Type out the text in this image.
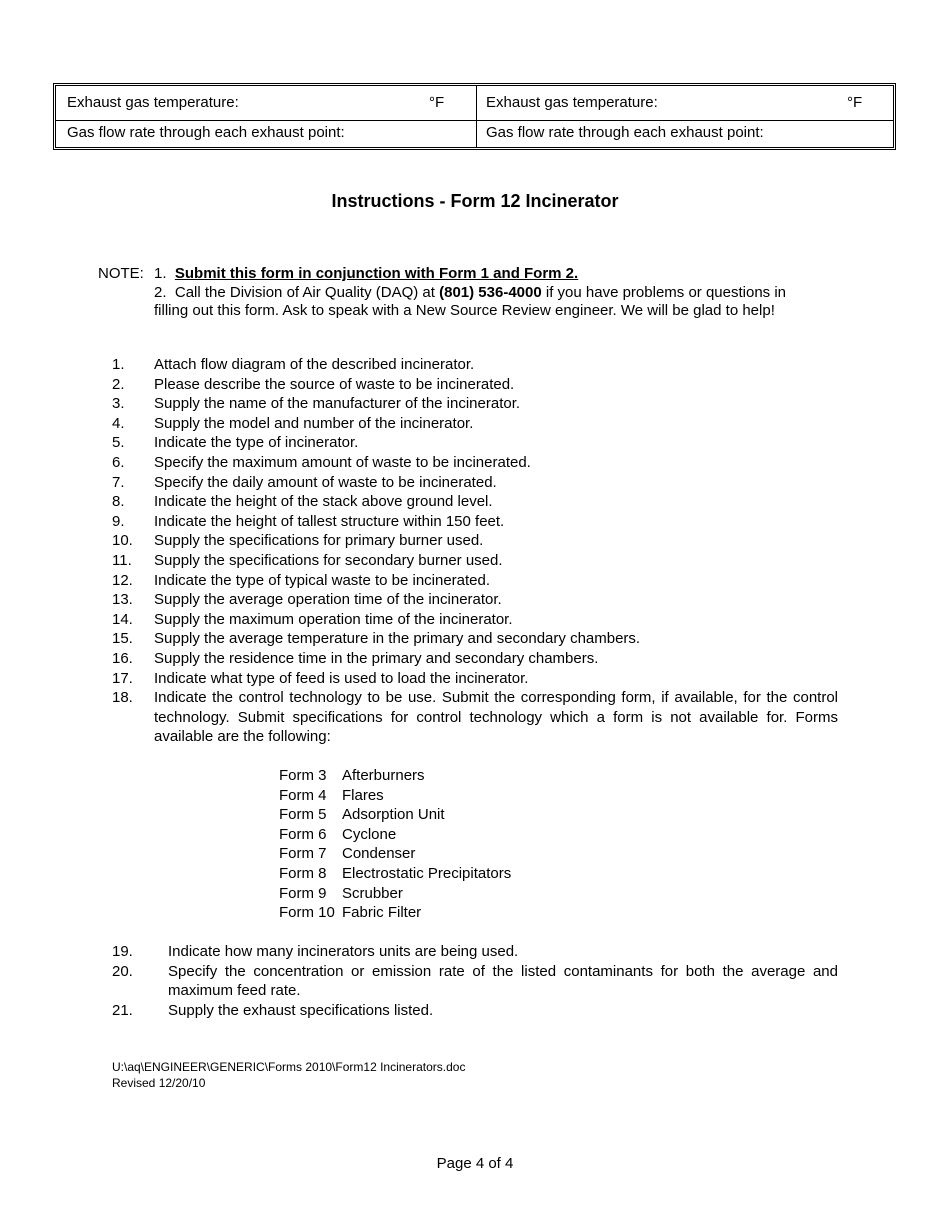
Exhaust gas temperature:	°F	Exhaust gas temperature:	°F
Gas flow rate through each exhaust point:	Gas flow rate through each exhaust point:
Instructions - Form 12 Incinerator
NOTE: 1. Submit this form in conjunction with Form 1 and Form 2.
2. Call the Division of Air Quality (DAQ) at (801) 536-4000 if you have problems or questions in filling out this form. Ask to speak with a New Source Review engineer. We will be glad to help!
1.	Attach flow diagram of the described incinerator.
2.	Please describe the source of waste to be incinerated.
3.	Supply the name of the manufacturer of the incinerator.
4.	Supply the model and number of the incinerator.
5.	Indicate the type of incinerator.
6.	Specify the maximum amount of waste to be incinerated.
7.	Specify the daily amount of waste to be incinerated.
8.	Indicate the height of the stack above ground level.
9.	Indicate the height of tallest structure within 150 feet.
10.	Supply the specifications for primary burner used.
11.	Supply the specifications for secondary burner used.
12.	Indicate the type of typical waste to be incinerated.
13.	Supply the average operation time of the incinerator.
14.	Supply the maximum operation time of the incinerator.
15.	Supply the average temperature in the primary and secondary chambers.
16.	Supply the residence time in the primary and secondary chambers.
17.	Indicate what type of feed is used to load the incinerator.
18.	Indicate the control technology to be use. Submit the corresponding form, if available, for the control technology. Submit specifications for control technology which a form is not available for. Forms available are the following:
Form 3 Afterburners
Form 4 Flares
Form 5 Adsorption Unit
Form 6 Cyclone
Form 7 Condenser
Form 8 Electrostatic Precipitators
Form 9 Scrubber
Form 10 Fabric Filter
19.	Indicate how many incinerators units are being used.
20.	Specify the concentration or emission rate of the listed contaminants for both the average and maximum feed rate.
21.	Supply the exhaust specifications listed.
U:\aq\ENGINEER\GENERIC\Forms 2010\Form12 Incinerators.doc
Revised 12/20/10
Page 4 of 4
